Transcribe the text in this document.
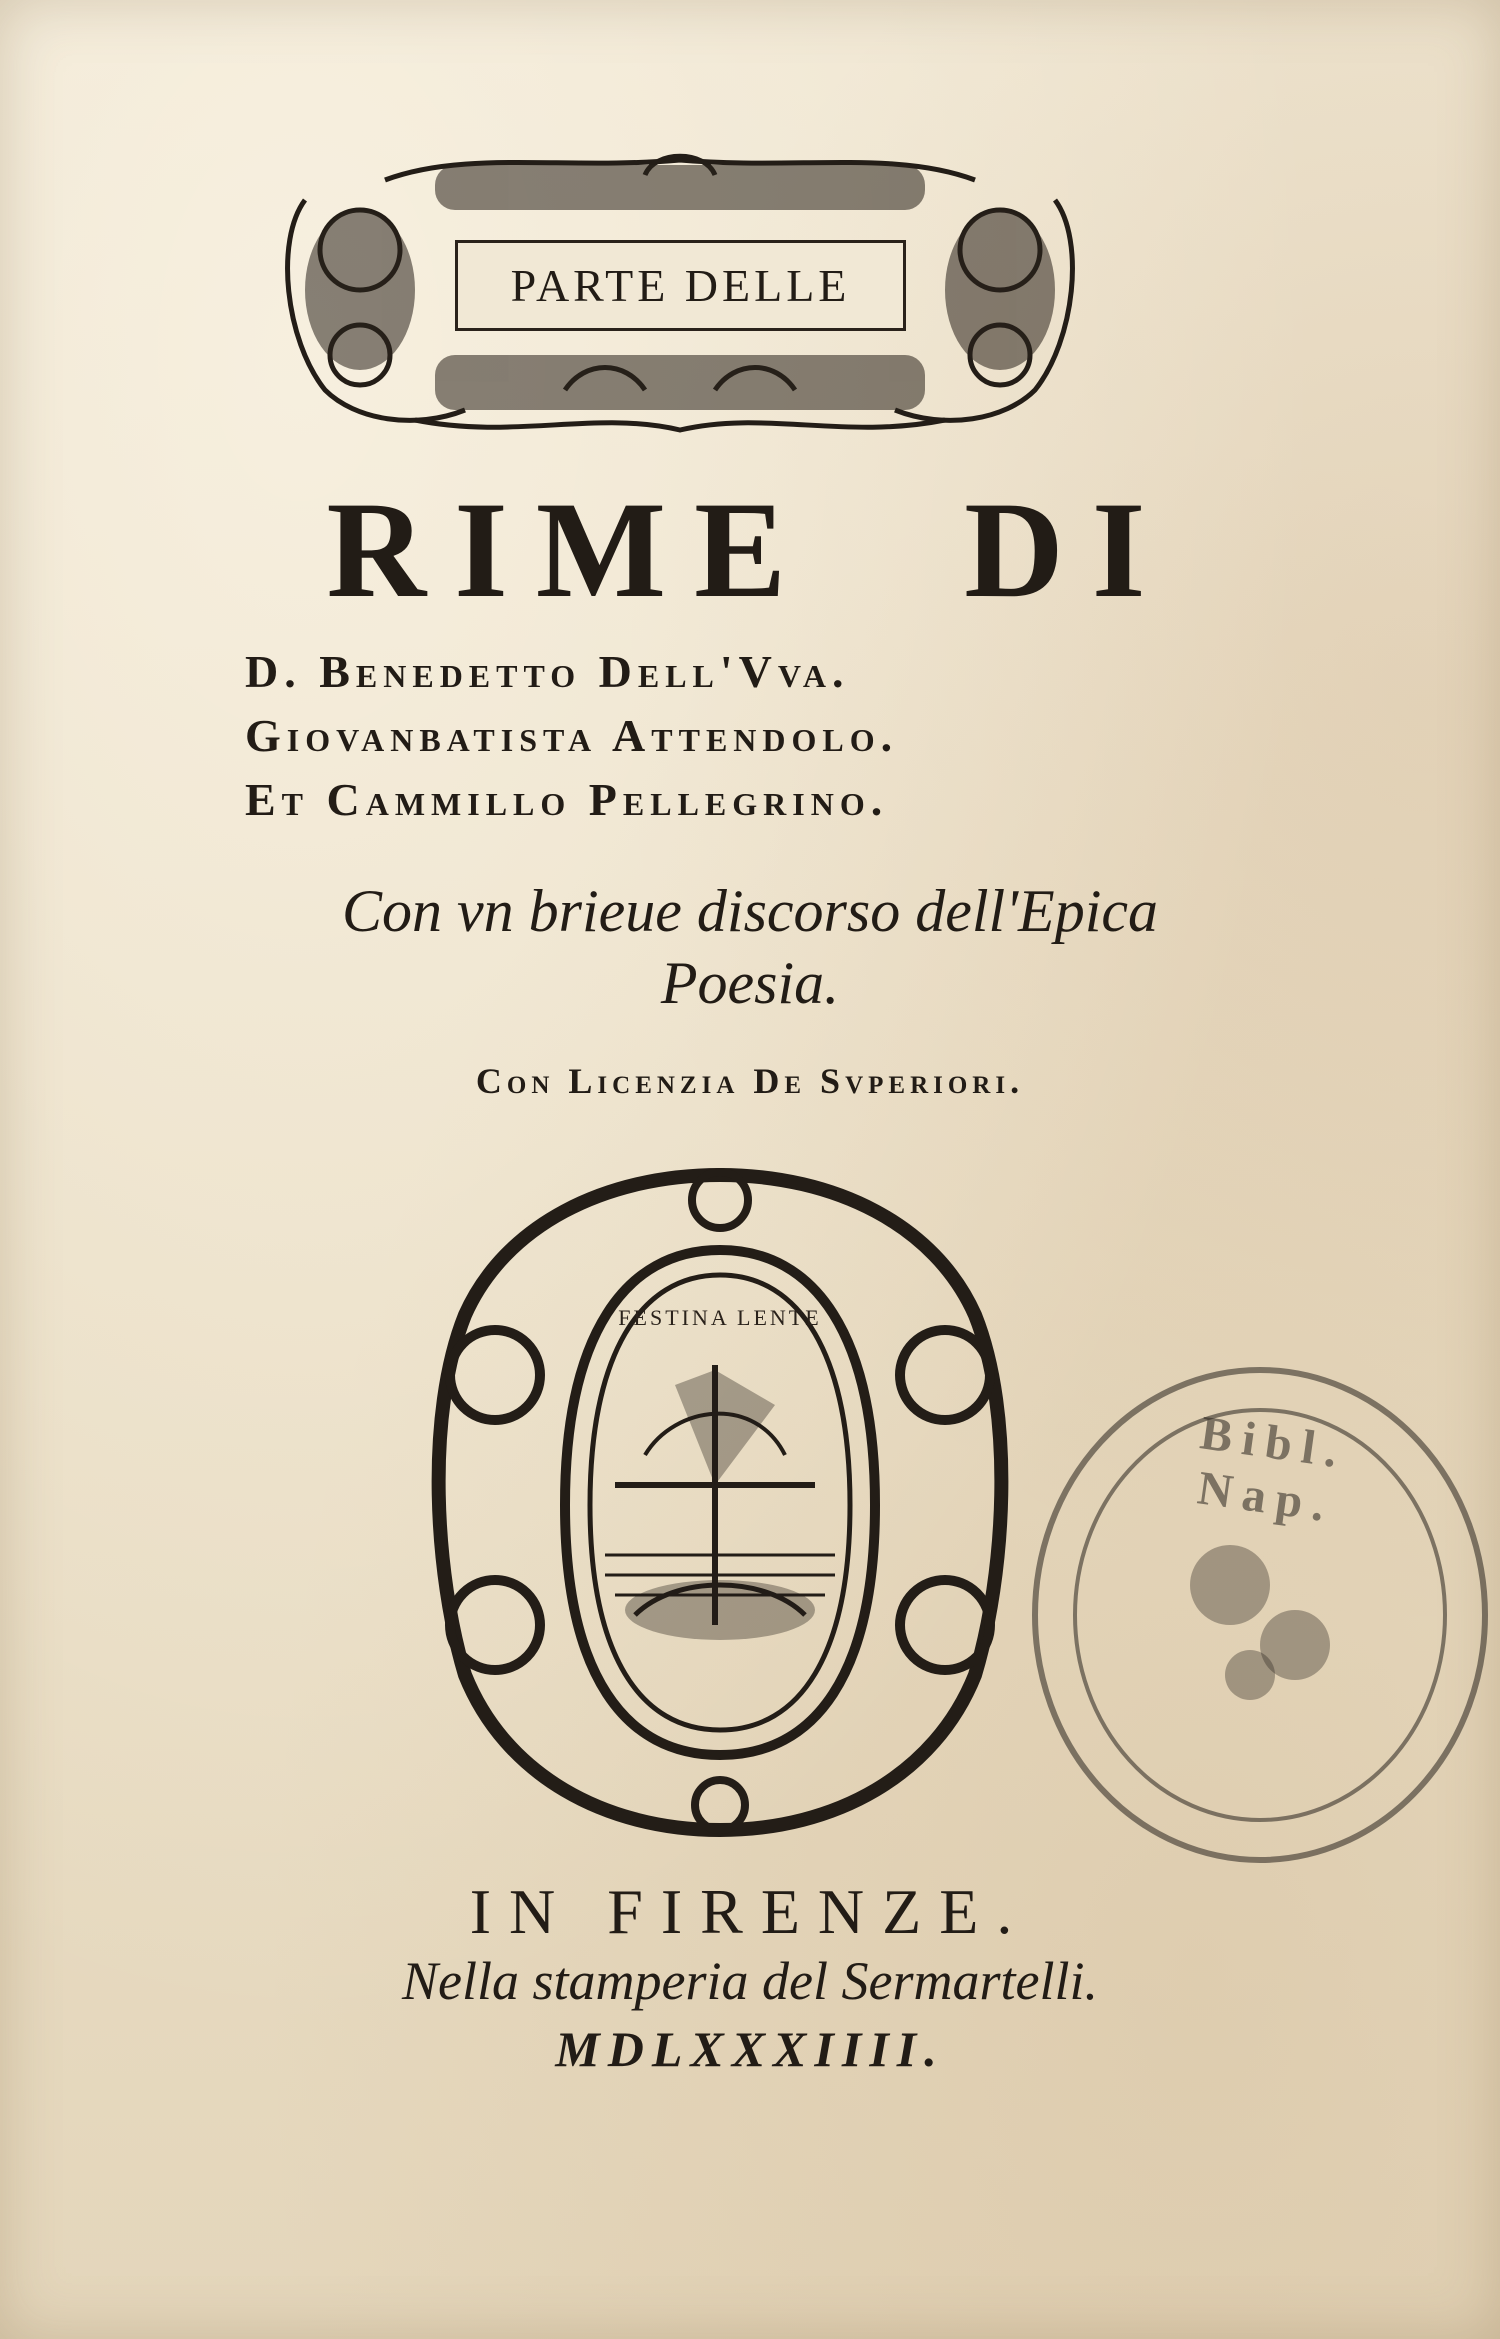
PARTE DELLE
RIME DI
D. Benedetto Dell'Vva.
Giovanbatista Attendolo.
Et Cammillo Pellegrino.
Con vn brieue discorso dell'Epica
Poesia.
Con Licenzia De Svperiori.
FESTINA LENTE
Bibl. Nap.
IN FIRENZE.
Nella stamperia del Sermartelli.
MDLXXXIIII.
